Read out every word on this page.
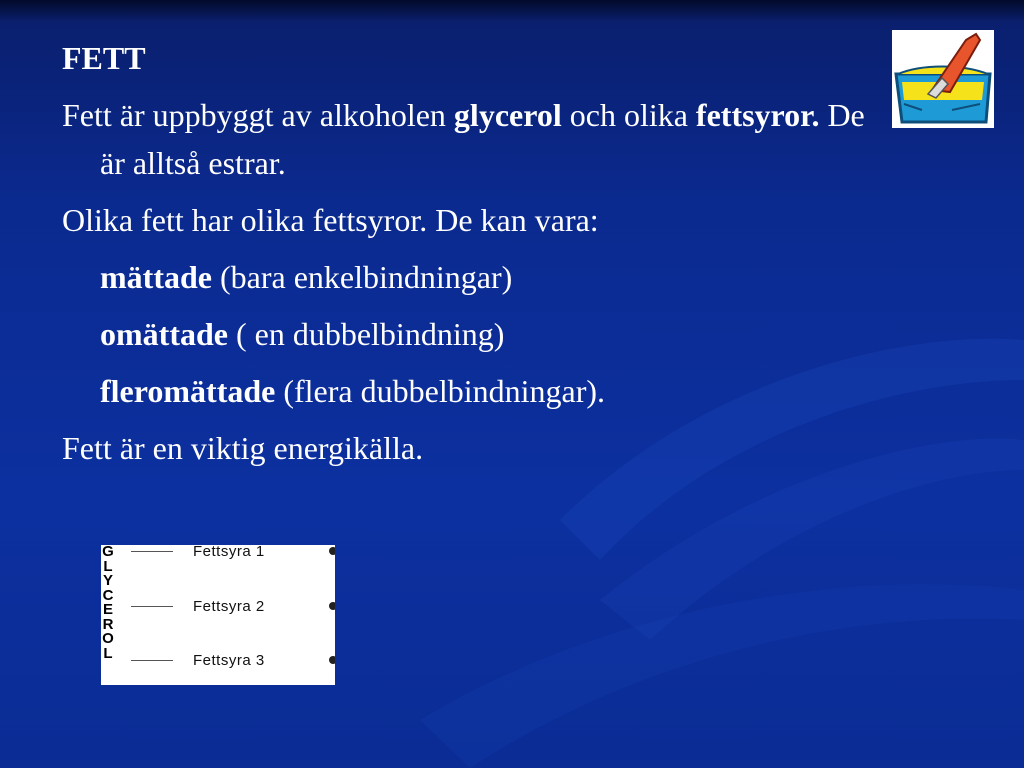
FETT

Fett är uppbyggt av alkoholen glycerol och olika fettsyror. De är alltså estrar.

Olika fett har olika fettsyror. De kan vara:

mättade (bara enkelbindningar)

omättade ( en dubbelbindning)

fleromättade (flera dubbelbindningar).

Fett är en viktig energikälla.

G
L
Y
C
E
R
O
L
Fettsyra 1
Fettsyra 2
Fettsyra 3
